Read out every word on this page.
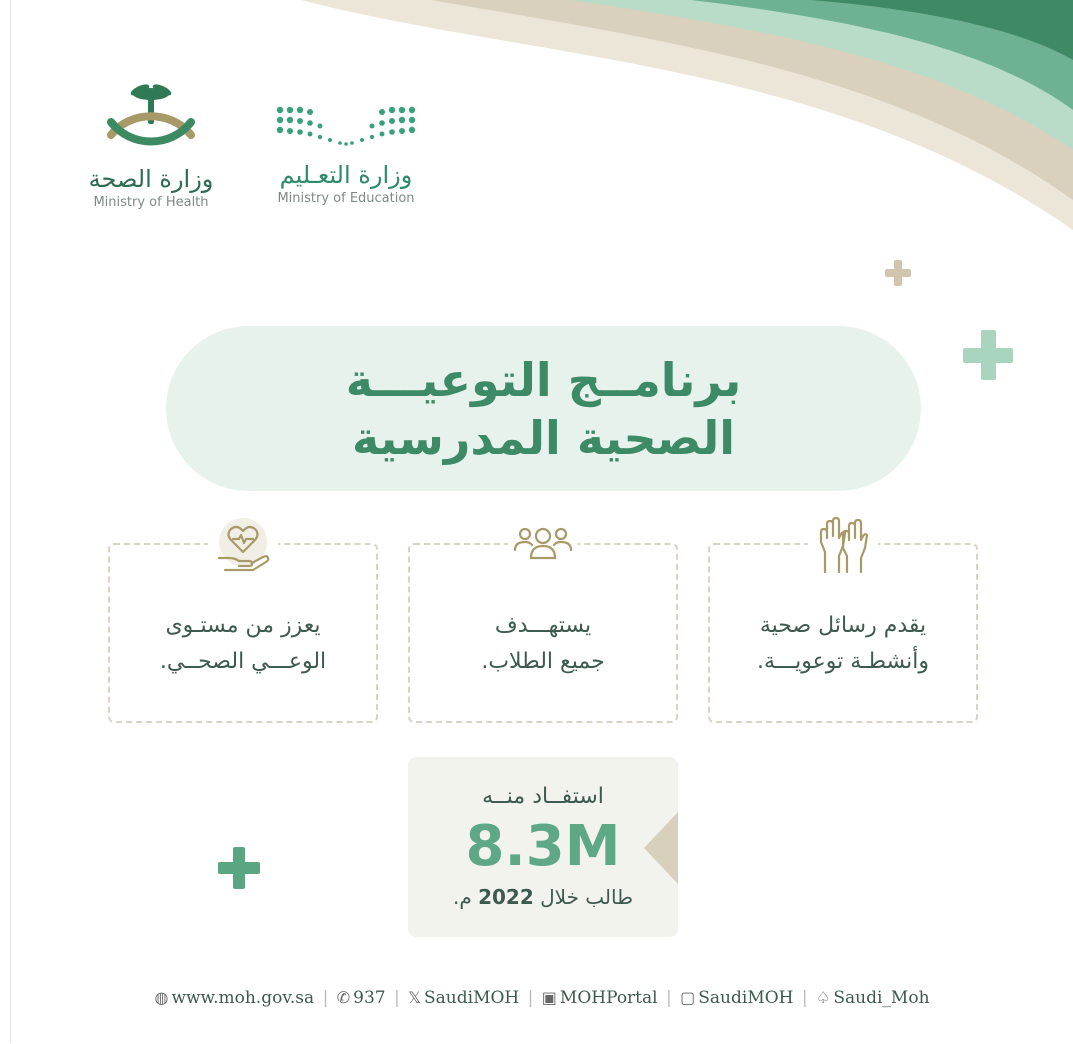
وزارة الصحة
Ministry of Health
وزارة التعـليم
Ministry of Education
برنامــج التوعيـــة
الصحية المدرسية
يقدم رسائل صحية
وأنشطـة توعويـــة.
يستهـــدف
جميع الطلاب.
يعزز من مستـوى
الوعـــي الصحــي.
استفــاد منــه
8.3M
طالب خلال 2022 م.
◍ www.moh.gov.sa | ✆ 937 | 𝕏 SaudiMOH | ▣ MOHPortal | ▢ SaudiMOH | ♤ Saudi_Moh
